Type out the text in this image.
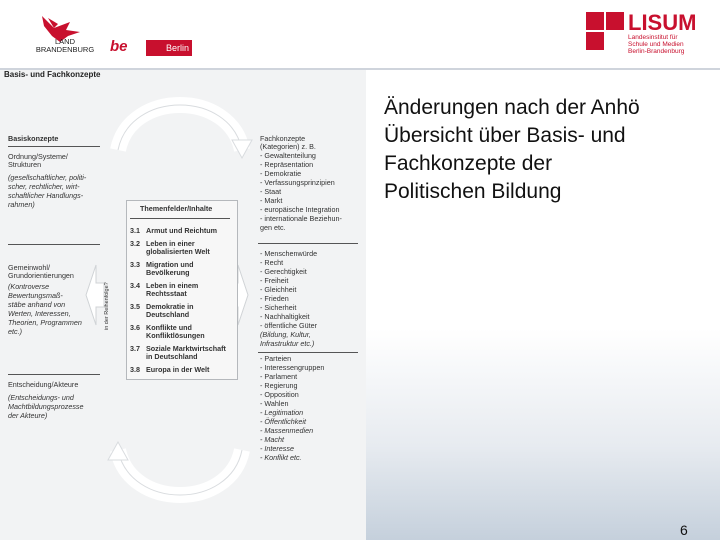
LAND
BRANDENBURG	be	Berlin
LISUM
Landesinstitut für
Schule und Medien
Berlin-Brandenburg
Basis- und Fachkonzepte
Basiskonzepte
Ordnung/Systeme/
Strukturen
(gesellschaftlicher, politi-
scher, rechtlicher, wirt-
schaftlicher Handlungs-
rahmen)
Gemeinwohl/
Grundorientierungen
(Kontroverse
Bewertungsmaß-
stäbe anhand von
Werten, Interessen,
Theorien, Programmen
etc.)
Entscheidung/Akteure
(Entscheidungs- und
Machtbildungsprozesse
der Akteure)
in der Reihenfolge?
Themenfelder/Inhalte
3.1 Armut und Reichtum
3.2 Leben in einer
globalisierten Welt
3.3 Migration und
Bevölkerung
3.4 Leben in einem
Rechtsstaat
3.5 Demokratie in
Deutschland
3.6 Konflikte und
Konfliktlösungen
3.7 Soziale Marktwirtschaft
in Deutschland
3.8 Europa in der Welt
Fachkonzepte
(Kategorien) z. B.
- Gewaltenteilung
- Repräsentation
- Demokratie
- Verfassungsprinzipien
- Staat
- Markt
- europäische Integration
- internationale Beziehun-
gen etc.
- Menschenwürde
- Recht
- Gerechtigkeit
- Freiheit
- Gleichheit
- Frieden
- Sicherheit
- Nachhaltigkeit
- öffentliche Güter
(Bildung, Kultur,
Infrastruktur etc.)
- Parteien
- Interessengruppen
- Parlament
- Regierung
- Opposition
- Wahlen
- Legitimation
- Öffentlichkeit
- Massenmedien
- Macht
- Interesse
- Konflikt etc.
Änderungen nach der Anhö
Übersicht über Basis- und
Fachkonzepte der
Politischen Bildung
6
